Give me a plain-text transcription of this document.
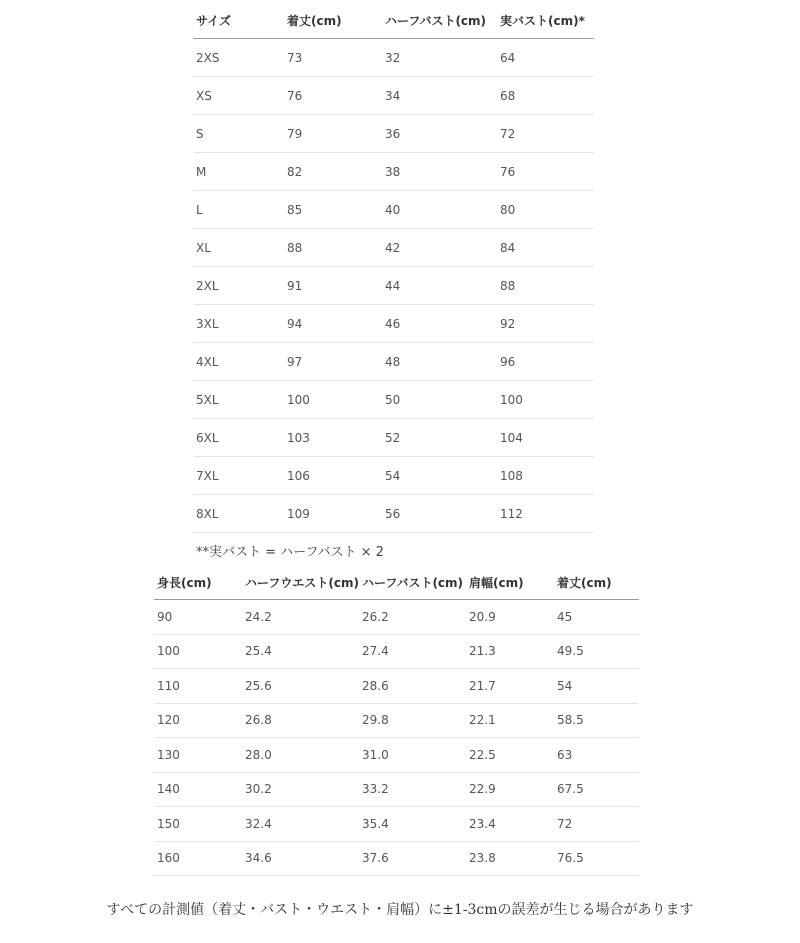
サイズ	着丈(cm)	ハーフバスト(cm)	実バスト(cm)*
2XS	73	32	64
XS	76	34	68
S	79	36	72
M	82	38	76
L	85	40	80
XL	88	42	84
2XL	91	44	88
3XL	94	46	92
4XL	97	48	96
5XL	100	50	100
6XL	103	52	104
7XL	106	54	108
8XL	109	56	112
**実バスト = ハーフバスト × 2
身長(cm)	ハーフウエスト(cm)	ハーフバスト(cm)	肩幅(cm)	着丈(cm)
90	24.2	26.2	20.9	45
100	25.4	27.4	21.3	49.5
110	25.6	28.6	21.7	54
120	26.8	29.8	22.1	58.5
130	28.0	31.0	22.5	63
140	30.2	33.2	22.9	67.5
150	32.4	35.4	23.4	72
160	34.6	37.6	23.8	76.5
すべての計測値（着丈・バスト・ウエスト・肩幅）に±1-3cmの誤差が生じる場合があります
